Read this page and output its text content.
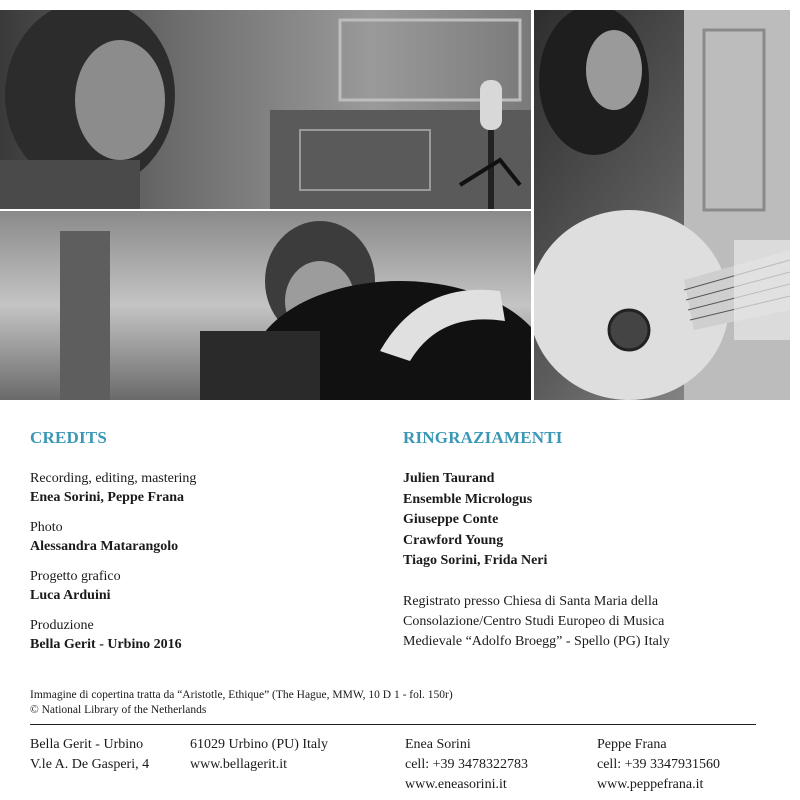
CREDITS
Recording, editing, mastering
Enea Sorini, Peppe Frana
Photo
Alessandra Matarangolo
Progetto grafico
Luca Arduini
Produzione
Bella Gerit - Urbino 2016
RINGRAZIAMENTI
Julien Taurand
Ensemble Micrologus
Giuseppe Conte
Crawford Young
Tiago Sorini, Frida Neri
Registrato presso Chiesa di Santa Maria della
Consolazione/Centro Studi Europeo di Musica
Medievale “Adolfo Broegg” - Spello (PG) Italy
Immagine di copertina tratta da “Aristotle, Ethique” (The Hague, MMW, 10 D 1 - fol. 150r)
© National Library of the Netherlands
Bella Gerit - Urbino
V.le A. De Gasperi, 4
61029 Urbino (PU) Italy
www.bellagerit.it
Enea Sorini
cell: +39 3478322783
www.eneasorini.it
Peppe Frana
cell: +39 3347931560
www.peppefrana.it
